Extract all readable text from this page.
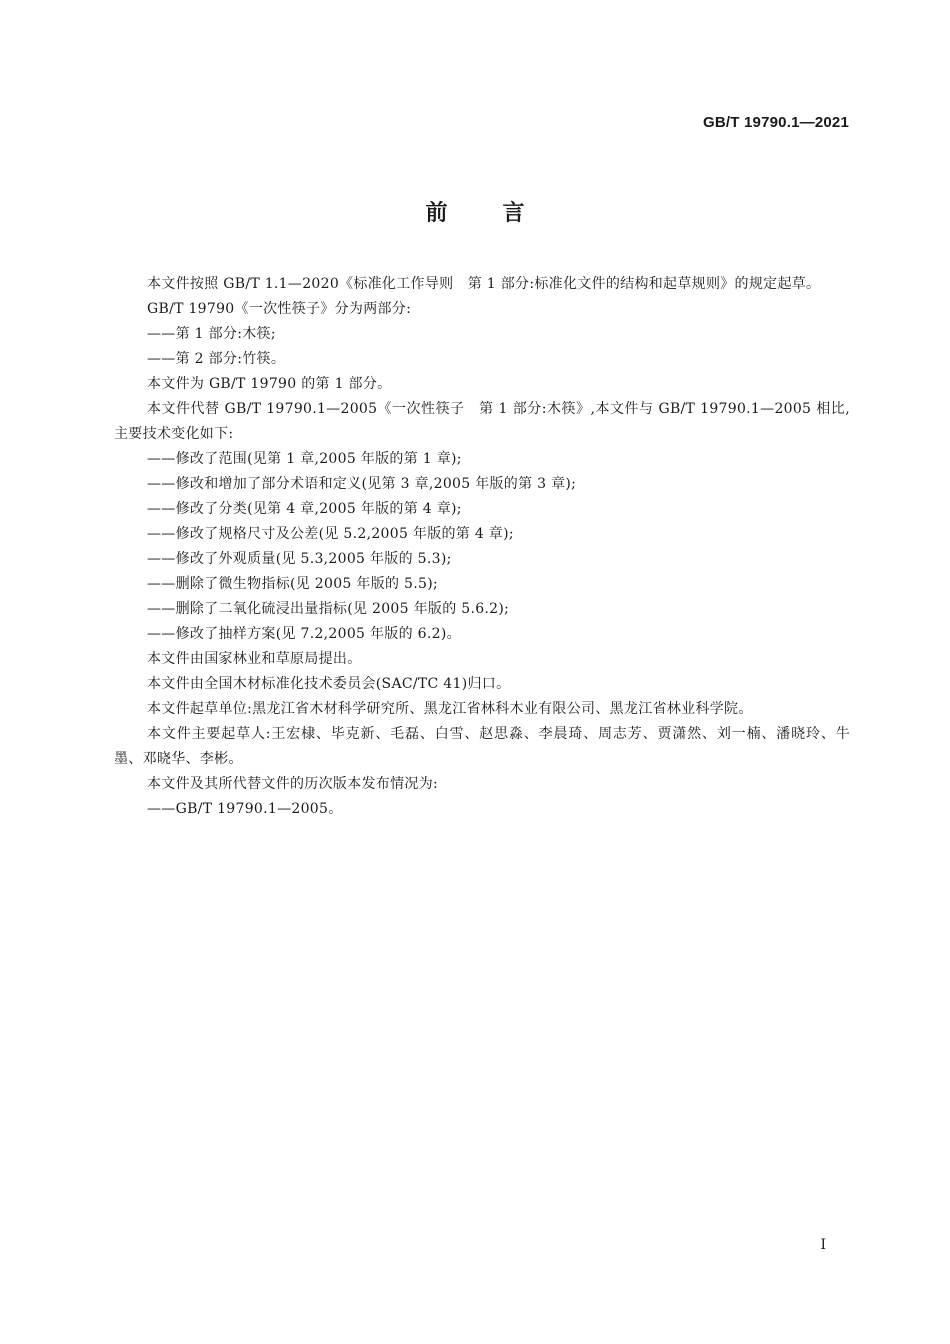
GB/T 19790.1—2021
前	言

本文件按照 GB/T 1.1—2020《标准化工作导则　第 1 部分:标准化文件的结构和起草规则》的规定起草。

GB/T 19790《一次性筷子》分为两部分:

——第 1 部分:木筷;

——第 2 部分:竹筷。

本文件为 GB/T 19790 的第 1 部分。

本文件代替 GB/T 19790.1—2005《一次性筷子　第 1 部分:木筷》,本文件与 GB/T 19790.1—2005 相比,主要技术变化如下:

——修改了范围(见第 1 章,2005 年版的第 1 章);

——修改和增加了部分术语和定义(见第 3 章,2005 年版的第 3 章);

——修改了分类(见第 4 章,2005 年版的第 4 章);

——修改了规格尺寸及公差(见 5.2,2005 年版的第 4 章);

——修改了外观质量(见 5.3,2005 年版的 5.3);

——删除了微生物指标(见 2005 年版的 5.5);

——删除了二氧化硫浸出量指标(见 2005 年版的 5.6.2);

——修改了抽样方案(见 7.2,2005 年版的 6.2)。

本文件由国家林业和草原局提出。

本文件由全国木材标准化技术委员会(SAC/TC 41)归口。

本文件起草单位:黑龙江省木材科学研究所、黑龙江省林科木业有限公司、黑龙江省林业科学院。

本文件主要起草人:王宏棣、毕克新、毛磊、白雪、赵思淼、李晨琦、周志芳、贾潇然、刘一楠、潘晓玲、牛墨、邓晓华、李彬。

本文件及其所代替文件的历次版本发布情况为:

——GB/T 19790.1—2005。

I
